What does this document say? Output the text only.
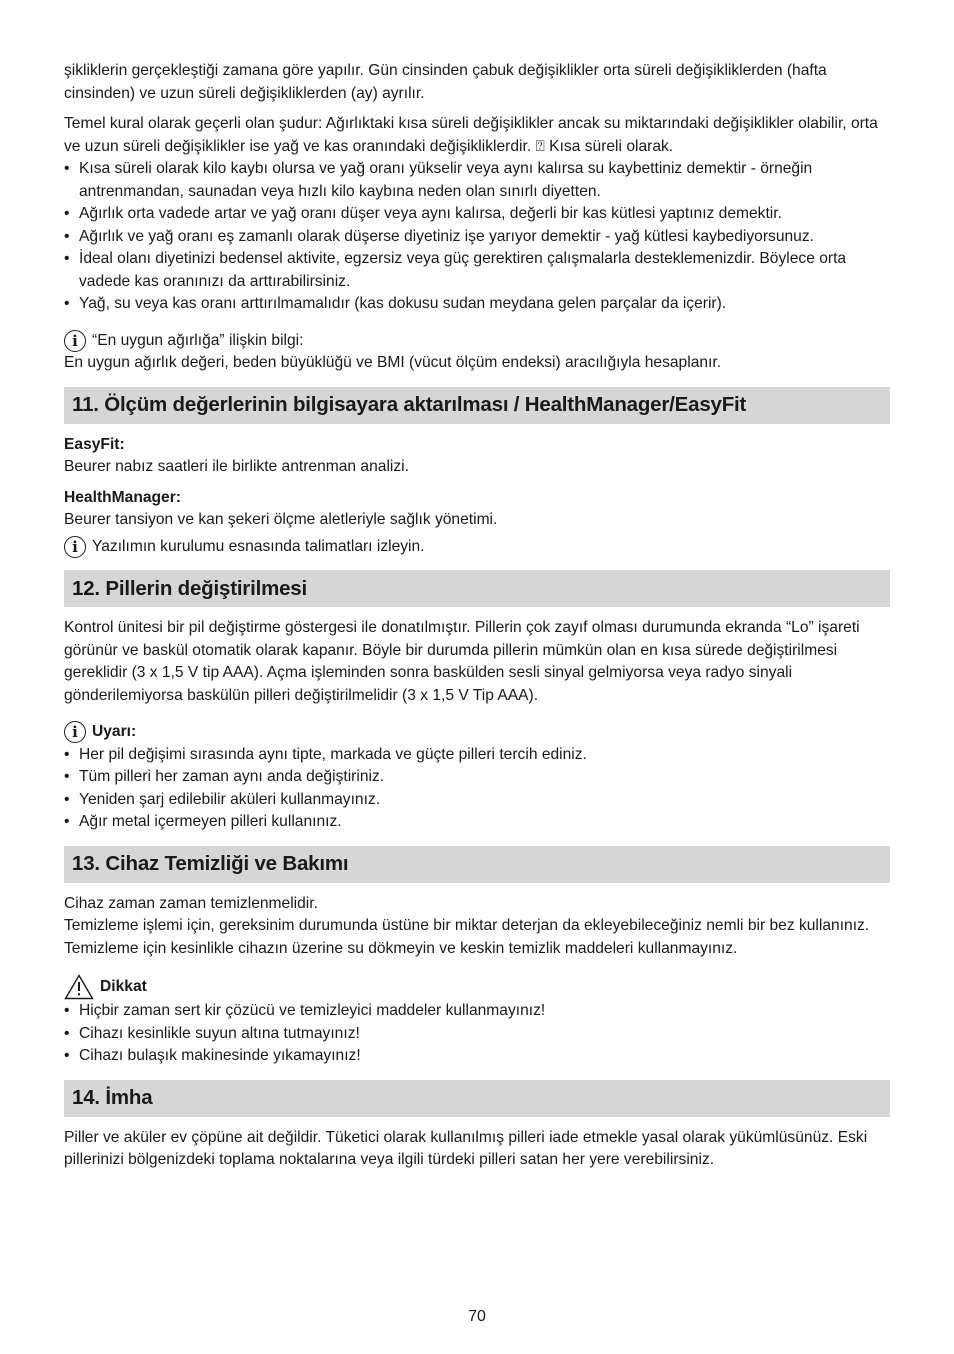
şikliklerin gerçekleştiği zamana göre yapılır. Gün cinsinden çabuk değişiklikler orta süreli değişikliklerden (hafta cinsinden) ve uzun süreli değişikliklerden (ay) ayrılır.

Temel kural olarak geçerli olan şudur: Ağırlıktaki kısa süreli değişiklikler ancak su miktarındaki değişiklikler olabilir, orta ve uzun süreli değişiklikler ise yağ ve kas oranındaki değişikliklerdir. ⍰ Kısa süreli olarak.

• Kısa süreli olarak kilo kaybı olursa ve yağ oranı yükselir veya aynı kalırsa su kaybettiniz demektir - örneğin antrenmandan, saunadan veya hızlı kilo kaybına neden olan sınırlı diyetten.
• Ağırlık orta vadede artar ve yağ oranı düşer veya aynı kalırsa, değerli bir kas kütlesi yaptınız demektir.
• Ağırlık ve yağ oranı eş zamanlı olarak düşerse diyetiniz işe yarıyor demektir - yağ kütlesi kaybediyorsunuz.
• İdeal olanı diyetinizi bedensel aktivite, egzersiz veya güç gerektiren çalışmalarla desteklemenizdir. Böylece orta vadede kas oranınızı da arttırabilirsiniz.
• Yağ, su veya kas oranı arttırılmamalıdır (kas dokusu sudan meydana gelen parçalar da içerir).
i “En uygun ağırlığa” ilişkin bilgi:

En uygun ağırlık değeri, beden büyüklüğü ve BMI (vücut ölçüm endeksi) aracılığıyla hesaplanır.

11. Ölçüm değerlerinin bilgisayara aktarılması / HealthManager/EasyFit
EasyFit:

Beurer nabız saatleri ile birlikte antrenman analizi.

HealthManager:

Beurer tansiyon ve kan şekeri ölçme aletleriyle sağlık yönetimi.

i Yazılımın kurulumu esnasında talimatları izleyin.
12. Pillerin değiştirilmesi

Kontrol ünitesi bir pil değiştirme göstergesi ile donatılmıştır. Pillerin çok zayıf olması durumunda ekranda “Lo” işareti görünür ve baskül otomatik olarak kapanır. Böyle bir durumda pillerin mümkün olan en kısa sürede değiştirilmesi gereklidir (3 x 1,5 V tip AAA). Açma işleminden sonra baskülden sesli sinyal gelmiyorsa veya radyo sinyali gönderilemiyorsa baskülün pilleri değiştirilmelidir (3 x 1,5 V Tip AAA).

i Uyarı:
• Her pil değişimi sırasında aynı tipte, markada ve güçte pilleri tercih ediniz.
• Tüm pilleri her zaman aynı anda değiştiriniz.
• Yeniden şarj edilebilir aküleri kullanmayınız.
• Ağır metal içermeyen pilleri kullanınız.
13. Cihaz Temizliği ve Bakımı

Cihaz zaman zaman temizlenmelidir.

Temizleme işlemi için, gereksinim durumunda üstüne bir miktar deterjan da ekleyebileceğiniz nemli bir bez kullanınız. Temizleme için kesinlikle cihazın üzerine su dökmeyin ve keskin temizlik maddeleri kullanmayınız.

Dikkat
• Hiçbir zaman sert kir çözücü ve temizleyici maddeler kullanmayınız!
• Cihazı kesinlikle suyun altına tutmayınız!
• Cihazı bulaşık makinesinde yıkamayınız!
14. İmha

Piller ve aküler ev çöpüne ait değildir. Tüketici olarak kullanılmış pilleri iade etmekle yasal olarak yükümlüsünüz. Eski pillerinizi bölgenizdeki toplama noktalarına veya ilgili türdeki pilleri satan her yere verebilirsiniz.

70
